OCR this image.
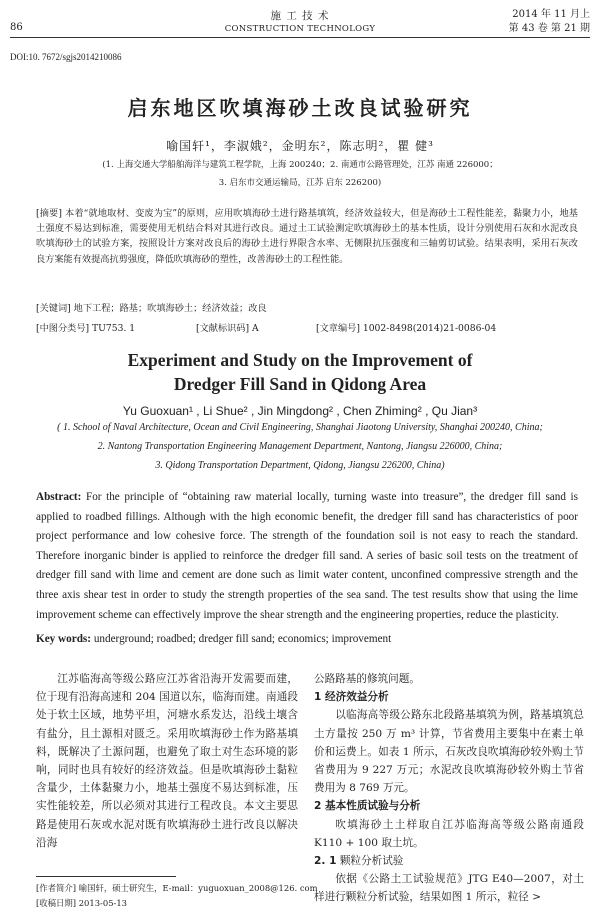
86
施 工 技 术
CONSTRUCTION TECHNOLOGY
2014 年 11 月上
第 43 卷 第 21 期
DOI:10. 7672/sgjs2014210086
启东地区吹填海砂土改良试验研究
喻国轩¹，李淑娥²，金明东²，陈志明²，瞿 健³
(1. 上海交通大学船舶海洋与建筑工程学院，上海 200240；2. 南通市公路管理处，江苏 南通 226000；
3. 启东市交通运输局，江苏 启东 226200)
[摘要] 本着“就地取材、变废为宝”的原则，应用吹填海砂土进行路基填筑，经济效益较大，但是海砂土工程性能差，黏聚力小，地基土强度不易达到标准，需要使用无机结合料对其进行改良。通过土工试验测定吹填海砂土的基本性质，设计分别使用石灰和水泥改良吹填海砂土的试验方案，按照设计方案对改良后的海砂土进行界限含水率、无侧限抗压强度和三轴剪切试验。结果表明，采用石灰改良方案能有效提高抗剪强度，降低吹填海砂的塑性，改善海砂土的工程性能。
[关键词] 地下工程；路基；吹填海砂土；经济效益；改良
[中图分类号] TU753. 1	[文献标识码] A	[文章编号] 1002-8498(2014)21-0086-04
Experiment and Study on the Improvement of
Dredger Fill Sand in Qidong Area
Yu Guoxuan¹ , Li Shue² , Jin Mingdong² , Chen Zhiming² , Qu Jian³
( 1. School of Naval Architecture, Ocean and Civil Engineering, Shanghai Jiaotong University, Shanghai 200240, China;
2. Nantong Transportation Engineering Management Department, Nantong, Jiangsu 226000, China;
3. Qidong Transportation Department, Qidong, Jiangsu 226200, China)
Abstract: For the principle of “obtaining raw material locally, turning waste into treasure”, the dredger fill sand is applied to roadbed fillings. Although with the high economic benefit, the dredger fill sand has characteristics of poor project performance and low cohesive force. The strength of the foundation soil is not easy to reach the standard. Therefore inorganic binder is applied to reinforce the dredger fill sand. A series of basic soil tests on the treatment of dredger fill sand with lime and cement are done such as limit water content, unconfined compressive strength and the three axis shear test in order to study the strength properties of the sea sand. The test results show that using the lime improvement scheme can effectively improve the shear strength and the engineering properties, reduce the plasticity.
Key words: underground; roadbed; dredger fill sand; economics; improvement

江苏临海高等级公路应江苏省沿海开发需要而建，位于现有沿海高速和 204 国道以东，临海而建。南通段处于软土区域，地势平坦，河塘水系发达，沿线土壤含有盐分，且土源相对匮乏。采用吹填海砂土作为路基填料，既解决了土源问题，也避免了取土对生态环境的影响，同时也具有较好的经济效益。但是吹填海砂土黏粒含量少，土体黏聚力小，地基土强度不易达到标准，压实性能较差，所以必须对其进行工程改良。本文主要思路是使用石灰或水泥对既有吹填海砂土进行改良以解决沿海

公路路基的修筑问题。
1 经济效益分析

以临海高等级公路东北段路基填筑为例，路基填筑总土方量按 250 万 m³ 计算，节省费用主要集中在素土单价和运费上。如表 1 所示，石灰改良吹填海砂较外购土节省费用为 9 227 万元；水泥改良吹填海砂较外购土节省费用为 8 769 万元。

2 基本性质试验与分析

吹填海砂土土样取自江苏临海高等级公路南通段 K110 + 100 取土坑。

2. 1 颗粒分析试验

依据《公路土工试验规范》JTG E40—2007，对土样进行颗粒分析试验，结果如图 1 所示，粒径 >

[作者简介] 喻国轩，硕士研究生，E-mail：yuguoxuan_2008@126. com
[收稿日期] 2013-05-13
